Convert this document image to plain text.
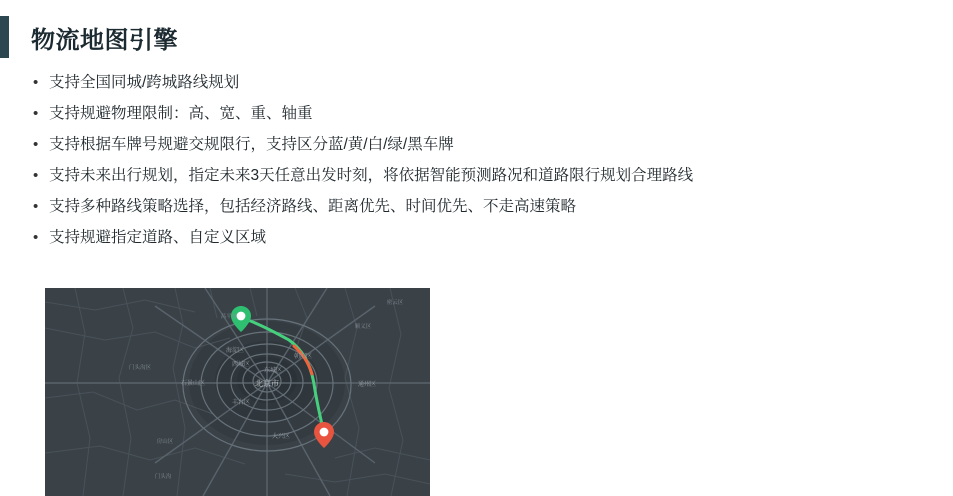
物流地图引擎
• 支持全国同城/跨城路线规划
• 支持规避物理限制：高、宽、重、轴重
• 支持根据车牌号规避交规限行，支持区分蓝/黄/白/绿/黑车牌
• 支持未来出行规划，指定未来3天任意出发时刻，将依据智能预测路况和道路限行规划合理路线
• 支持多种路线策略选择，包括经济路线、距离优先、时间优先、不走高速策略
• 支持规避指定道路、自定义区域
北京市
东城区
西城区
海淀区
朝阳区
丰台区
石景山区
门头沟区
通州区
大兴区
房山区
昌平区
顺义区
密云区
门头沟
